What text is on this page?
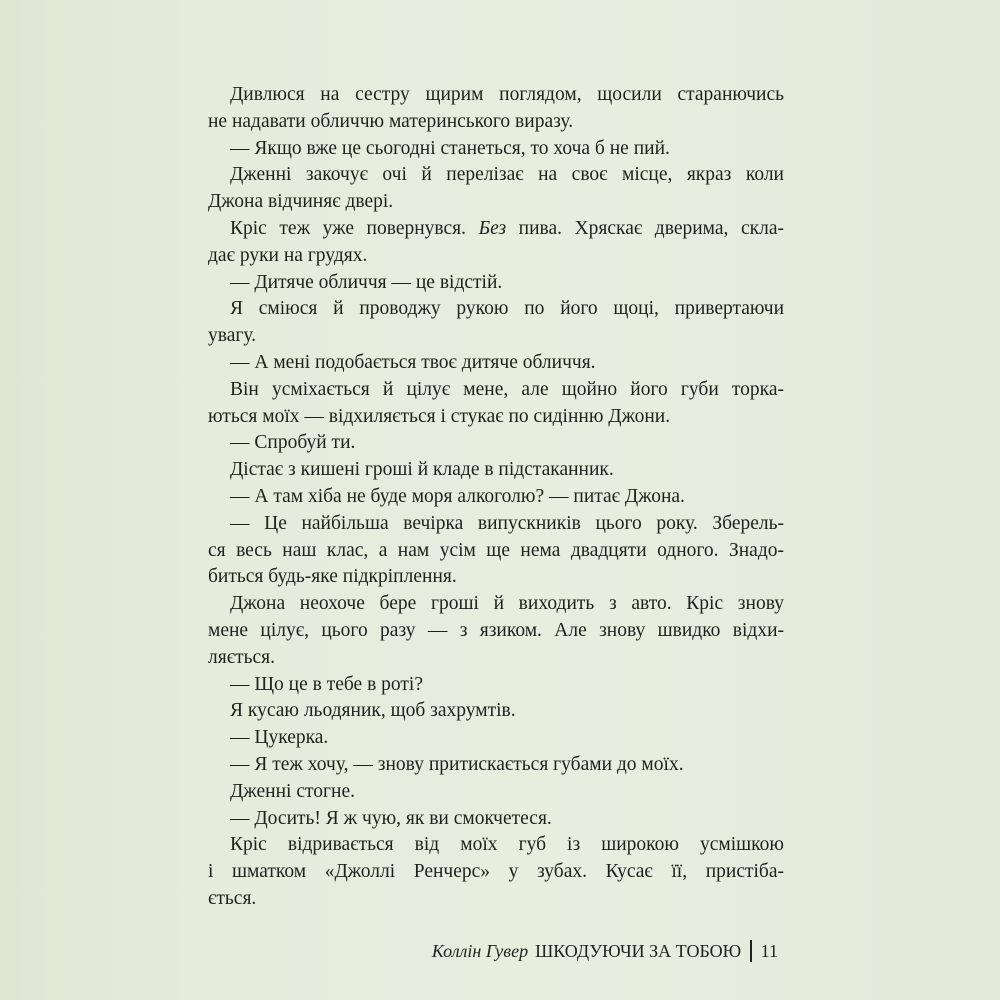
Дивлюся на сестру щирим поглядом, щосили старанючись
не надавати обличчю материнського виразу.
— Якщо вже це сьогодні станеться, то хоча б не пий.
Дженні закочує очі й перелізає на своє місце, якраз коли
Джона відчиняє двері.
Кріс теж уже повернувся. Без пива. Хряскає дверима, скла-
дає руки на грудях.
— Дитяче обличчя — це відстій.
Я сміюся й проводжу рукою по його щоці, привертаючи
увагу.
— А мені подобається твоє дитяче обличчя.
Він усміхається й цілує мене, але щойно його губи торка-
ються моїх — відхиляється і стукає по сидінню Джони.
— Спробуй ти.
Дістає з кишені гроші й кладе в підстаканник.
— А там хіба не буде моря алкоголю? — питає Джона.
— Це найбільша вечірка випускників цього року. Зберель-
ся весь наш клас, а нам усім ще нема двадцяти одного. Знадо-
биться будь-яке підкріплення.
Джона неохоче бере гроші й виходить з авто. Кріс знову
мене цілує, цього разу — з язиком. Але знову швидко відхи-
ляється.
— Що це в тебе в роті?
Я кусаю льодяник, щоб захрумтів.
— Цукерка.
— Я теж хочу, — знову притискається губами до моїх.
Дженні стогне.
— Досить! Я ж чую, як ви смокчетеся.
Кріс відривається від моїх губ із широкою усмішкою
і шматком «Джоллі Ренчерс» у зубах. Кусає її, пристіба-
ється.
Коллін Гувер ШКОДУЮЧИ ЗА ТОБОЮ 11
